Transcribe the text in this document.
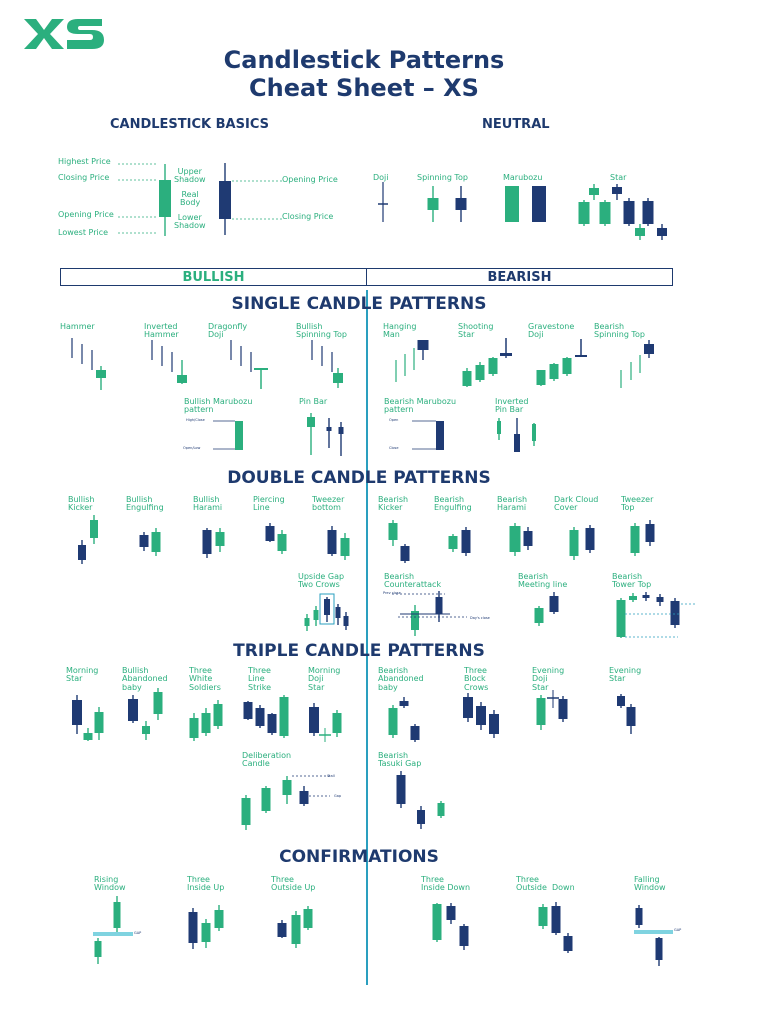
Candlestick Patterns
Cheat Sheet – XS
CANDLESTICK BASICS	NEUTRAL
Highest Price
Closing Price
Opening Price
Lowest Price
Upper
Shadow
Real
Body
Lower
Shadow
Opening Price
Closing Price
Doji	Spinning Top	Marubozu	Star
BULLISH	BEARISH
SINGLE CANDLE PATTERNS
DOUBLE CANDLE PATTERNS
TRIPLE CANDLE PATTERNS
CONFIRMATIONS
Hammer	Inverted
Hammer
Dragonfly
Doji
Bullish
Spinning Top
Bullish Marubozu
pattern
Pin Bar
Hanging
Man
Shooting
Star
Gravestone
Doji
Bearish
Spinning Top
Bearish Marubozu
pattern
Inverted
Pin Bar
High/Close
Open/Low
Open
Close
Bullish
Kicker
Bullish
Engulfing
Bullish
Harami
Piercing
Line
Tweezer
bottom
Upside Gap
Two Crows
Bearish
Kicker
Bearish
Engulfing
Bearish
Harami
Dark Cloud
Cover
Tweezer
Top
Bearish
Counterattack
Bearish
Meeting line
Bearish
Tower Top
Prev close
Day's close
Morning
Star
Bullish
Abandoned
baby
Three
White
Soldiers
Three
Line
Strike
Morning
Doji
Star
Deliberation
Candle
Bearish
Abandoned
baby
Three
Block
Crows
Evening
Doji
Star
Evening
Star
Bearish
Tasuki Gap
Stall
Gap
Rising
Window
Three
Inside Up
Three
Outside Up
Three
Inside Down
Three
Outside  Down
Falling
Window
GAP
GAP
